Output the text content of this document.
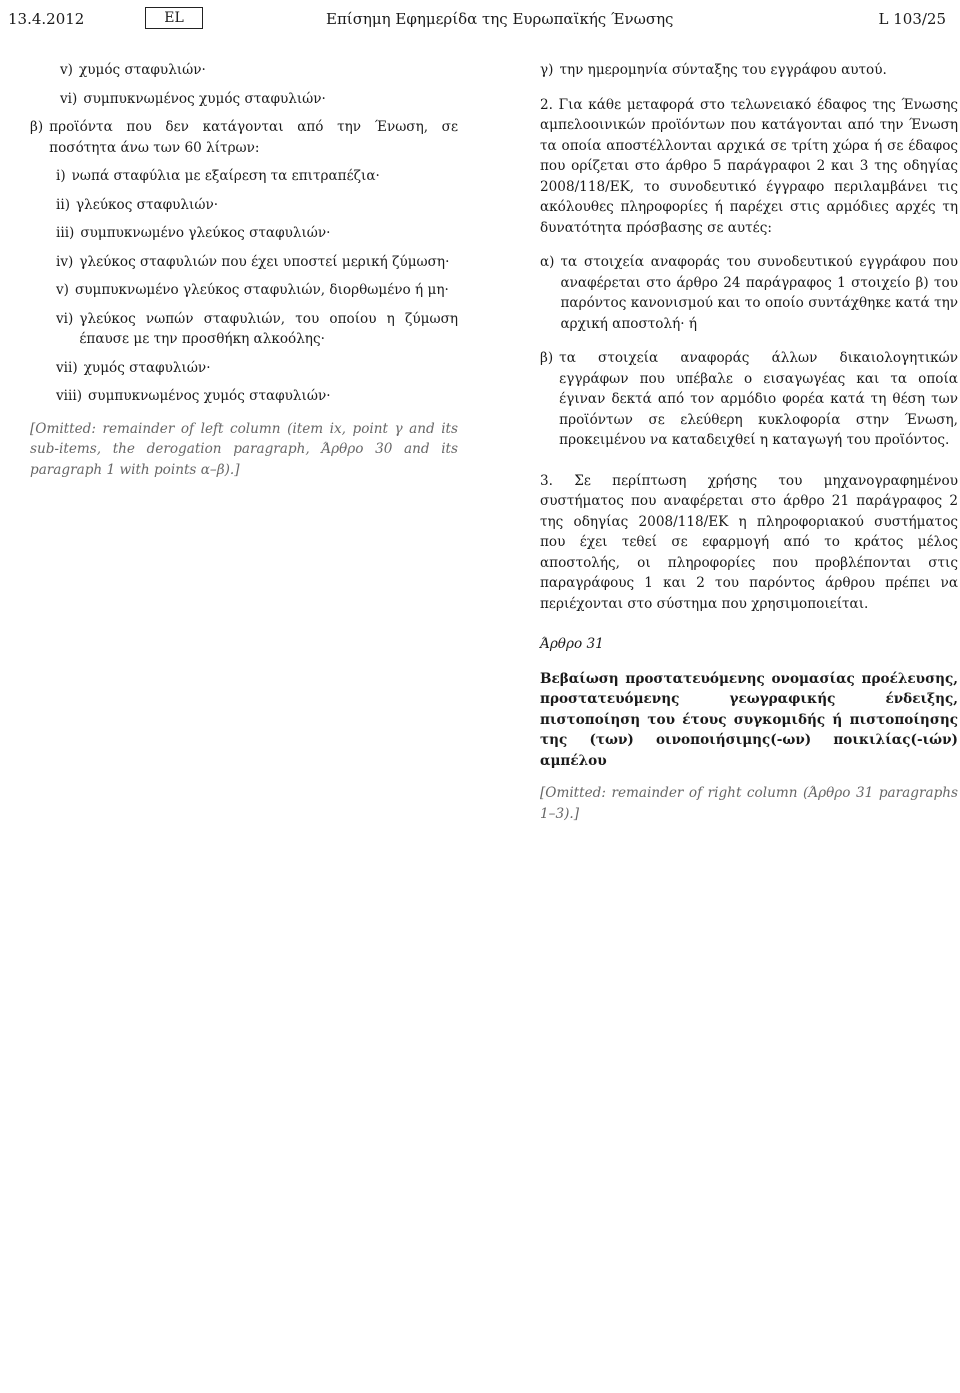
13.4.2012	EL	Επίσημη Εφημερίδα της Ευρωπαϊκής Ένωσης	L 103/25
v) χυμός σταφυλιών·
vi) συμπυκνωμένος χυμός σταφυλιών·
β) προϊόντα που δεν κατάγονται από την Ένωση, σε ποσότητα άνω των 60 λίτρων:
i) νωπά σταφύλια με εξαίρεση τα επιτραπέζια·
ii) γλεύκος σταφυλιών·
iii) συμπυκνωμένο γλεύκος σταφυλιών·
iv) γλεύκος σταφυλιών που έχει υποστεί μερική ζύμωση·
v) συμπυκνωμένο γλεύκος σταφυλιών, διορθωμένο ή μη·
vi) γλεύκος νωπών σταφυλιών, του οποίου η ζύμωση έπαυσε με την προσθήκη αλκοόλης·
vii) χυμός σταφυλιών·
viii) συμπυκνωμένος χυμός σταφυλιών·
[Omitted: remainder of left column (item ix, point γ and its sub-items, the derogation paragraph, Άρθρο 30 and its paragraph 1 with points α–β).]
γ) την ημερομηνία σύνταξης του εγγράφου αυτού.

2. Για κάθε μεταφορά στο τελωνειακό έδαφος της Ένωσης αμπελοοινικών προϊόντων που κατάγονται από την Ένωση τα οποία αποστέλλονται αρχικά σε τρίτη χώρα ή σε έδαφος που ορίζεται στο άρθρο 5 παράγραφοι 2 και 3 της οδηγίας 2008/118/ΕΚ, το συνοδευτικό έγγραφο περιλαμβάνει τις ακόλουθες πληροφορίες ή παρέχει στις αρμόδιες αρχές τη δυνατότητα πρόσβασης σε αυτές:

α) τα στοιχεία αναφοράς του συνοδευτικού εγγράφου που αναφέρεται στο άρθρο 24 παράγραφος 1 στοιχείο β) του παρόντος κανονισμού και το οποίο συντάχθηκε κατά την αρχική αποστολή· ή
β) τα στοιχεία αναφοράς άλλων δικαιολογητικών εγγράφων που υπέβαλε ο εισαγωγέας και τα οποία έγιναν δεκτά από τον αρμόδιο φορέα κατά τη θέση των προϊόντων σε ελεύθερη κυκλοφορία στην Ένωση, προκειμένου να καταδειχθεί η καταγωγή του προϊόντος.

3. Σε περίπτωση χρήσης του μηχανογραφημένου συστήματος που αναφέρεται στο άρθρο 21 παράγραφος 2 της οδηγίας 2008/118/ΕΚ η πληροφοριακού συστήματος που έχει τεθεί σε εφαρμογή από το κράτος μέλος αποστολής, οι πληροφορίες που προβλέπονται στις παραγράφους 1 και 2 του παρόντος άρθρου πρέπει να περιέχονται στο σύστημα που χρησιμοποιείται.

Άρθρο 31
Βεβαίωση προστατευόμενης ονομασίας προέλευσης, προστατευόμενης γεωγραφικής ένδειξης, πιστοποίηση του έτους συγκομιδής ή πιστοποίησης της (των) οινοποιήσιμης(-ων) ποικιλίας(-ιών) αμπέλου
[Omitted: remainder of right column (Άρθρο 31 paragraphs 1–3).]
